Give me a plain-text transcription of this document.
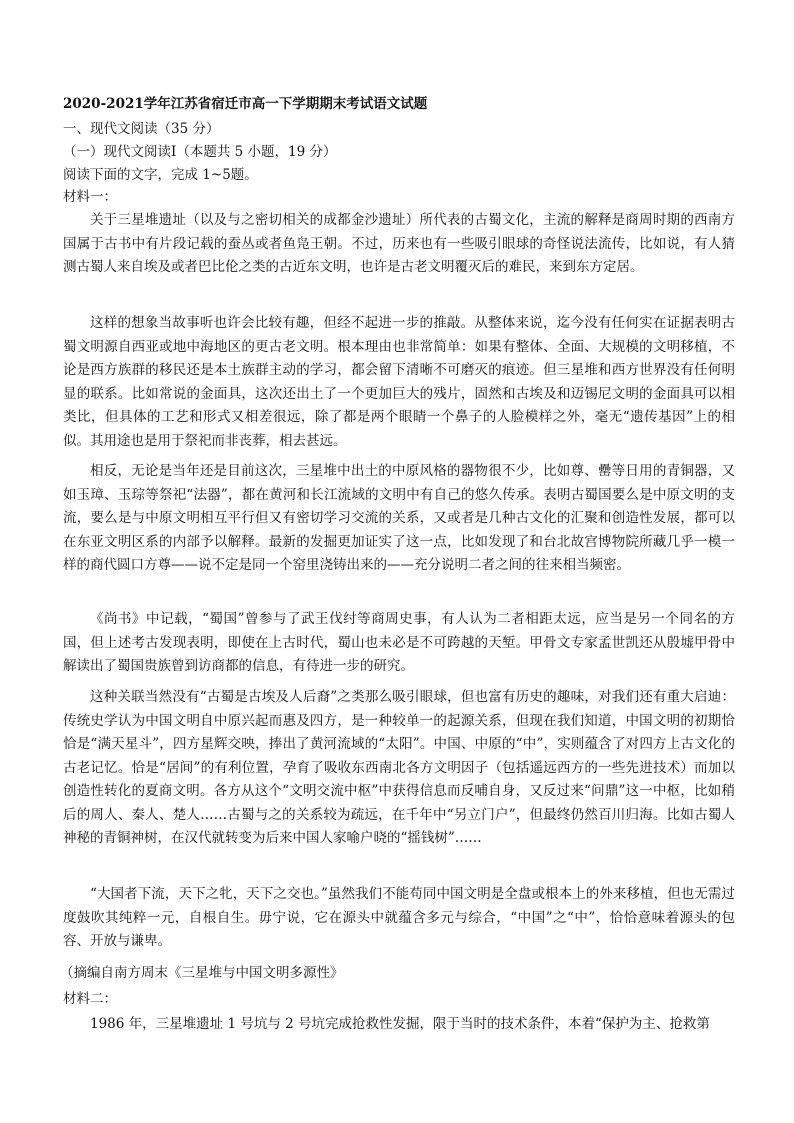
2020-2021学年江苏省宿迁市高一下学期期末考试语文试题
一、现代文阅读（35 分）
（一）现代文阅读Ⅰ（本题共 5 小题，19 分）
阅读下面的文字，完成 1~5题。
材料一：
关于三星堆遗址（以及与之密切相关的成都金沙遗址）所代表的古蜀文化，主流的解释是商周时期的西南方国属于古书中有片段记载的蚕丛或者鱼凫王朝。不过，历来也有一些吸引眼球的奇怪说法流传，比如说，有人猜测古蜀人来自埃及或者巴比伦之类的古近东文明，也许是古老文明覆灭后的难民，来到东方定居。
这样的想象当故事听也许会比较有趣，但经不起进一步的推敲。从整体来说，迄今没有任何实在证据表明古蜀文明源自西亚或地中海地区的更古老文明。根本理由也非常简单：如果有整体、全面、大规模的文明移植，不论是西方族群的移民还是本土族群主动的学习，都会留下清晰不可磨灭的痕迹。但三星堆和西方世界没有任何明显的联系。比如常说的金面具，这次还出土了一个更加巨大的残片，固然和古埃及和迈锡尼文明的金面具可以相类比，但具体的工艺和形式又相差很远，除了都是两个眼睛一个鼻子的人脸模样之外，毫无“遗传基因”上的相似。其用途也是用于祭祀而非丧葬，相去甚远。
相反，无论是当年还是目前这次，三星堆中出土的中原风格的器物很不少，比如尊、罍等日用的青铜器，又如玉璋、玉琮等祭祀“法器”，都在黄河和长江流域的文明中有自己的悠久传承。表明古蜀国要么是中原文明的支流，要么是与中原文明相互平行但又有密切学习交流的关系，又或者是几种古文化的汇聚和创造性发展，都可以在东亚文明区系的内部予以解释。最新的发掘更加证实了这一点，比如发现了和台北故宫博物院所藏几乎一模一样的商代圆口方尊——说不定是同一个窑里浇铸出来的——充分说明二者之间的往来相当频密。
《尚书》中记载，“蜀国”曾参与了武王伐纣等商周史事，有人认为二者相距太远，应当是另一个同名的方国，但上述考古发现表明，即使在上古时代，蜀山也未必是不可跨越的天堑。甲骨文专家孟世凯还从殷墟甲骨中解读出了蜀国贵族曾到访商都的信息，有待进一步的研究。
这种关联当然没有“古蜀是古埃及人后裔”之类那么吸引眼球，但也富有历史的趣味，对我们还有重大启迪：传统史学认为中国文明自中原兴起而惠及四方，是一种较单一的起源关系，但现在我们知道，中国文明的初期恰恰是“满天星斗”，四方星辉交映，捧出了黄河流域的“太阳”。中国、中原的“中”，实则蕴含了对四方上古文化的古老记忆。恰是“居间”的有利位置，孕育了吸收东西南北各方文明因子（包括遥远西方的一些先进技术）而加以创造性转化的夏商文明。各方从这个“文明交流中枢”中获得信息而反哺自身，又反过来“问鼎”这一中枢，比如稍后的周人、秦人、楚人……古蜀与之的关系较为疏远，在千年中“另立门户”，但最终仍然百川归海。比如古蜀人神秘的青铜神树，在汉代就转变为后来中国人家喻户晓的“摇钱树”……
“大国者下流，天下之牝，天下之交也。”虽然我们不能苟同中国文明是全盘或根本上的外来移植，但也无需过度鼓吹其纯粹一元，自根自生。毋宁说，它在源头中就蕴含多元与综合，“中国”之“中”，恰恰意味着源头的包容、开放与谦卑。
（摘编自南方周末《三星堆与中国文明多源性》
材料二：
1986 年，三星堆遗址 1 号坑与 2 号坑完成抢救性发掘，限于当时的技术条件，本着“保护为主、抢救第
